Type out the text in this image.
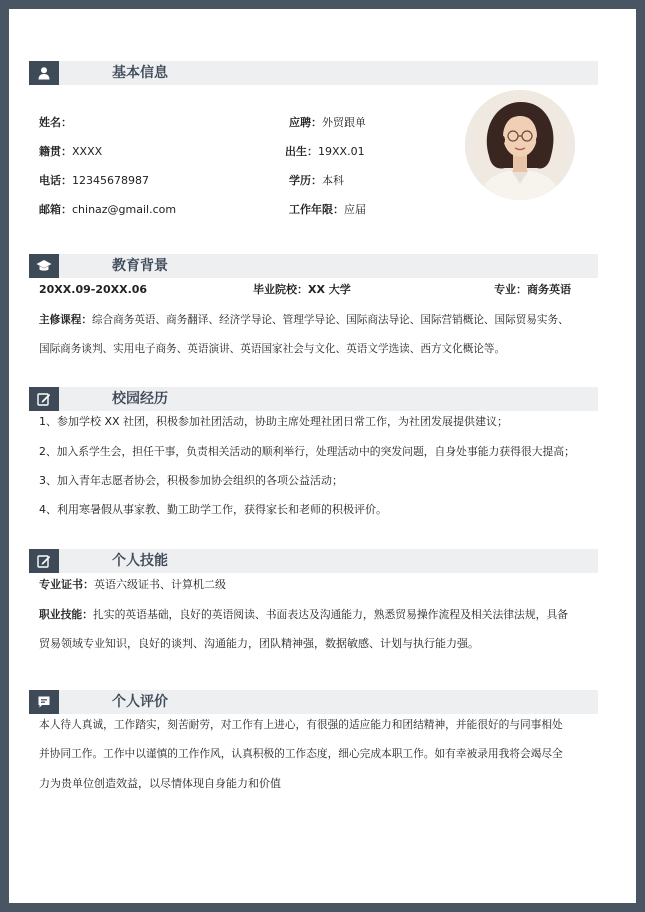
基本信息
姓名：	应聘：外贸跟单
籍贯：XXXX	出生：19XX.01
电话：12345678987	学历：本科
邮箱：chinaz@gmail.com	工作年限：应届
教育背景
20XX.09-20XX.06	毕业院校：XX 大学	专业：商务英语
主修课程：综合商务英语、商务翻译、经济学导论、管理学导论、国际商法导论、国际营销概论、国际贸易实务、
国际商务谈判、实用电子商务、英语演讲、英语国家社会与文化、英语文学选读、西方文化概论等。
校园经历
1、参加学校 XX 社团，积极参加社团活动，协助主席处理社团日常工作，为社团发展提供建议；
2、加入系学生会，担任干事，负责相关活动的顺利举行，处理活动中的突发问题，自身处事能力获得很大提高；
3、加入青年志愿者协会，积极参加协会组织的各项公益活动；
4、利用寒暑假从事家教、勤工助学工作，获得家长和老师的积极评价。
个人技能
专业证书：英语六级证书、计算机二级
职业技能：扎实的英语基础，良好的英语阅读、书面表达及沟通能力，熟悉贸易操作流程及相关法律法规，具备
贸易领域专业知识，良好的谈判、沟通能力，团队精神强，数据敏感、计划与执行能力强。
个人评价
本人待人真诚，工作踏实，刻苦耐劳，对工作有上进心，有很强的适应能力和团结精神，并能很好的与同事相处
并协同工作。工作中以谨慎的工作作风，认真积极的工作态度，细心完成本职工作。如有幸被录用我将会竭尽全
力为贵单位创造效益，以尽情体现自身能力和价值
